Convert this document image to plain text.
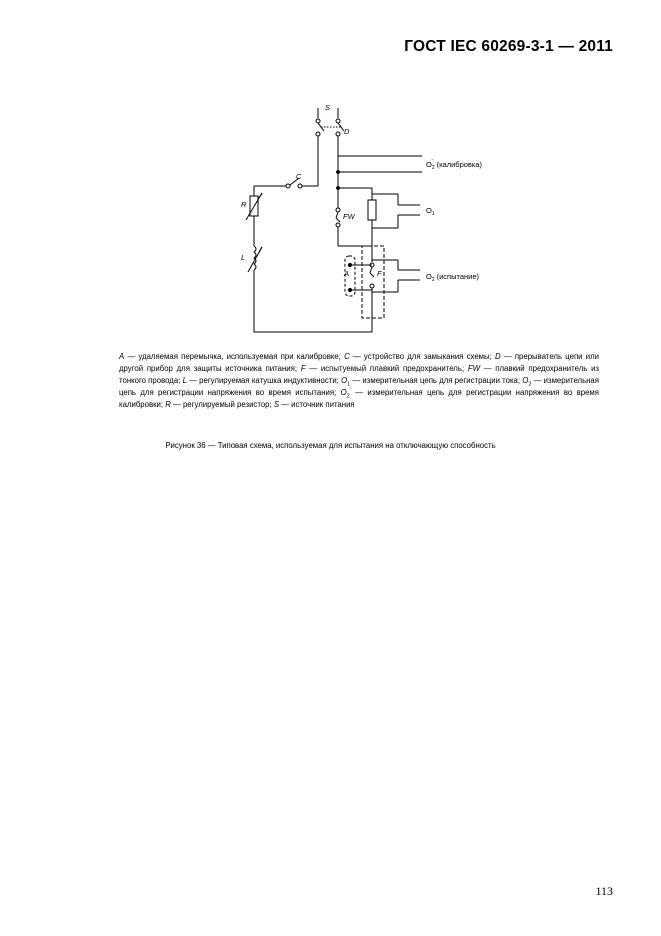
ГОСТ IEC 60269-3-1 — 2011
S
D
C
R
L
FW
A	F
$O_2'$ (калибровка)
$O_1$
$O_2$ (испытание)

A — удаляемая перемычка, используемая при калибровке; C — устройство для замыкания схемы; D — прерыватель цепи или другой прибор для защиты источника питания; F — испытуемый плавкий предохранитель; FW — плавкий предохранитель из тонкого провода; L — регулируемая катушка индуктивности; $O_1$ — измерительная цепь для регистрации тока; $O_2$ — измерительная цепь для регистрации напряжения во время испытания; $O_2'$ — измерительная цепь для регистрации напряжения во время калибровки; R — регулируемый резистор; S — источник питания

Рисунок 36 — Типовая схема, используемая для испытания на отключающую способность

113
